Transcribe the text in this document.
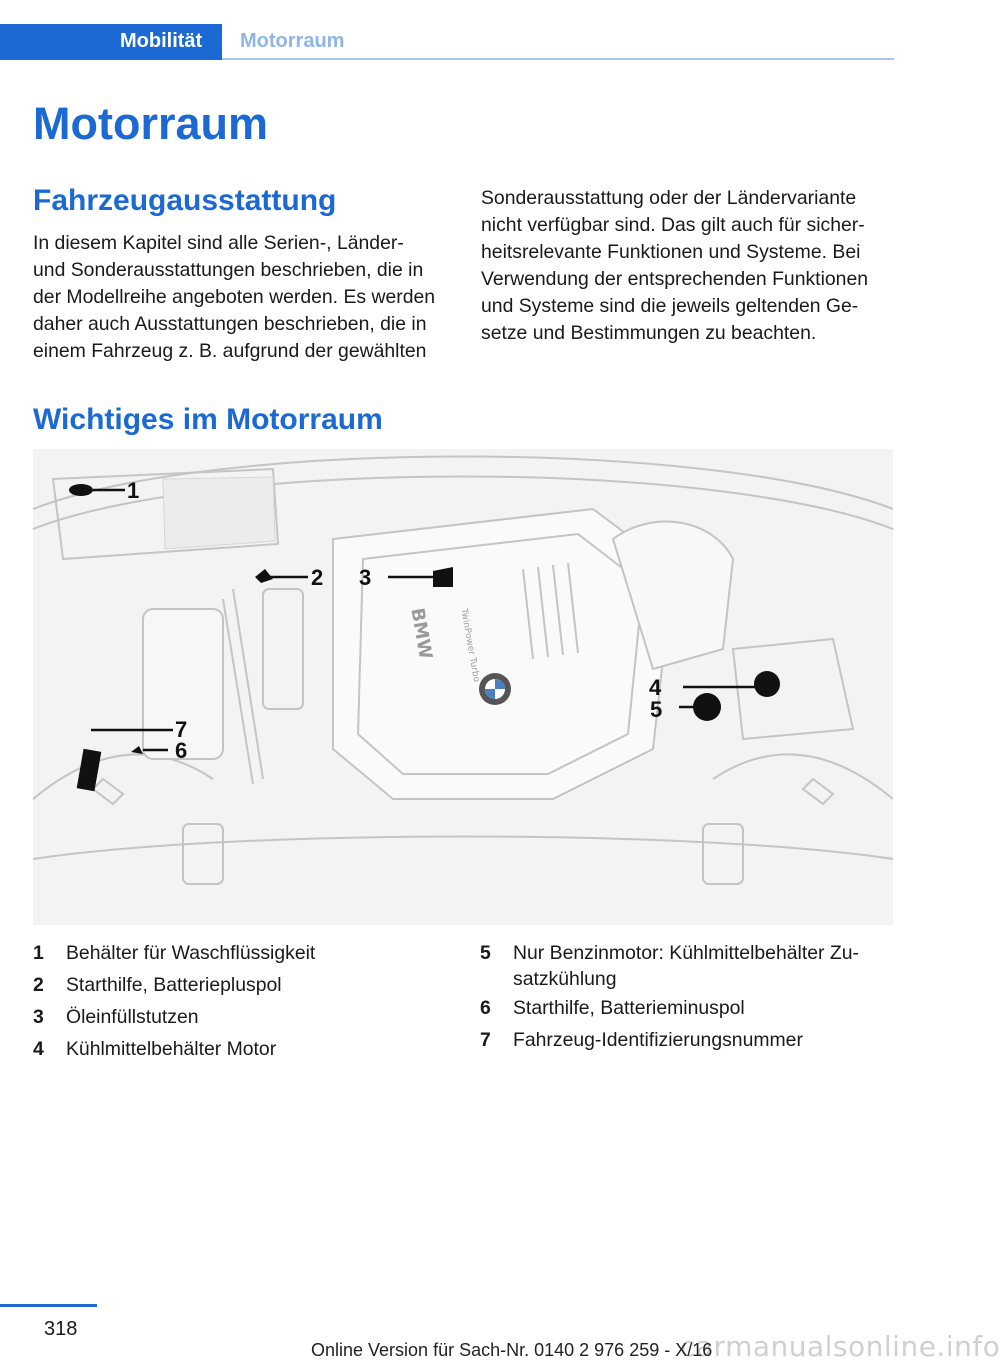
Mobilität Motorraum
Motorraum
Fahrzeugausstattung
In diesem Kapitel sind alle Serien-, Länder-
und Sonderausstattungen beschrieben, die in
der Modellreihe angeboten werden. Es werden
daher auch Ausstattungen beschrieben, die in
einem Fahrzeug z. B. aufgrund der gewählten
Sonderausstattung oder der Ländervariante
nicht verfügbar sind. Das gilt auch für sicher-
heitsrelevante Funktionen und Systeme. Bei
Verwendung der entsprechenden Funktionen
und Systeme sind die jeweils geltenden Ge-
setze und Bestimmungen zu beachten.
Wichtiges im Motorraum
BMW TwinPower Turbo
1
2 3
4
5
6
7
1	Behälter für Waschflüssigkeit
2	Starthilfe, Batteriepluspol
3	Öleinfüllstutzen
4	Kühlmittelbehälter Motor
5	Nur Benzinmotor: Kühlmittelbehälter Zu-
satzkühlung
6	Starthilfe, Batterieminuspol
7	Fahrzeug-Identifizierungsnummer
318
carmanualsonline.info
Online Version für Sach-Nr. 0140 2 976 259 - X/16
